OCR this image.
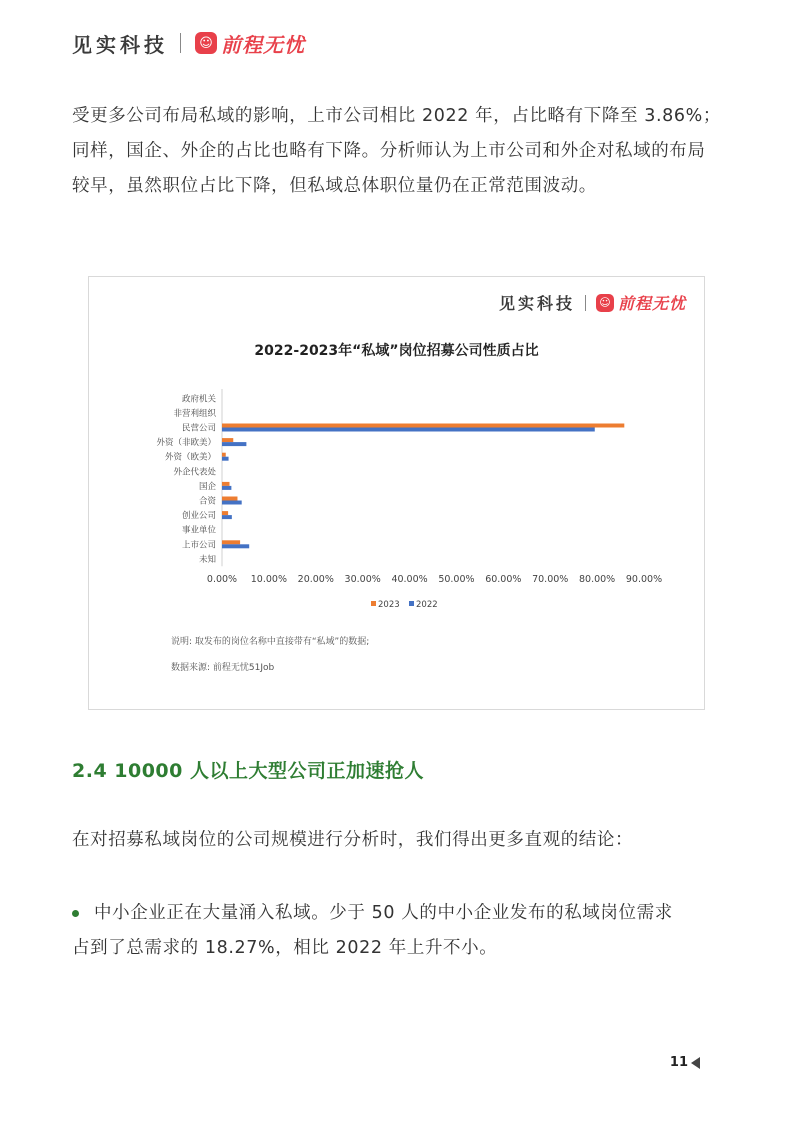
见实科技	☺ 前程无忧

受更多公司布局私域的影响，上市公司相比 2022 年，占比略有下降至 3.86%；同样，国企、外企的占比也略有下降。分析师认为上市公司和外企对私域的布局较早，虽然职位占比下降，但私域总体职位量仍在正常范围波动。

见实科技 ☺ 前程无忧
2022-2023年“私域”岗位招募公司性质占比
政府机关
非营利组织
民营公司
外资（非欧美）
外资（欧美）
外企代表处
国企
合资
创业公司
事业单位
上市公司
未知
0.00% 10.00% 20.00% 30.00% 40.00% 50.00% 60.00% 70.00% 80.00% 90.00%
2023 2022
说明: 取发布的岗位名称中直接带有“私域”的数据;
数据来源: 前程无忧51Job
2.4 10000 人以上大型公司正加速抢人

在对招募私域岗位的公司规模进行分析时，我们得出更多直观的结论：

中小企业正在大量涌入私域。少于 50 人的中小企业发布的私域岗位需求
占到了总需求的 18.27%，相比 2022 年上升不小。

11
